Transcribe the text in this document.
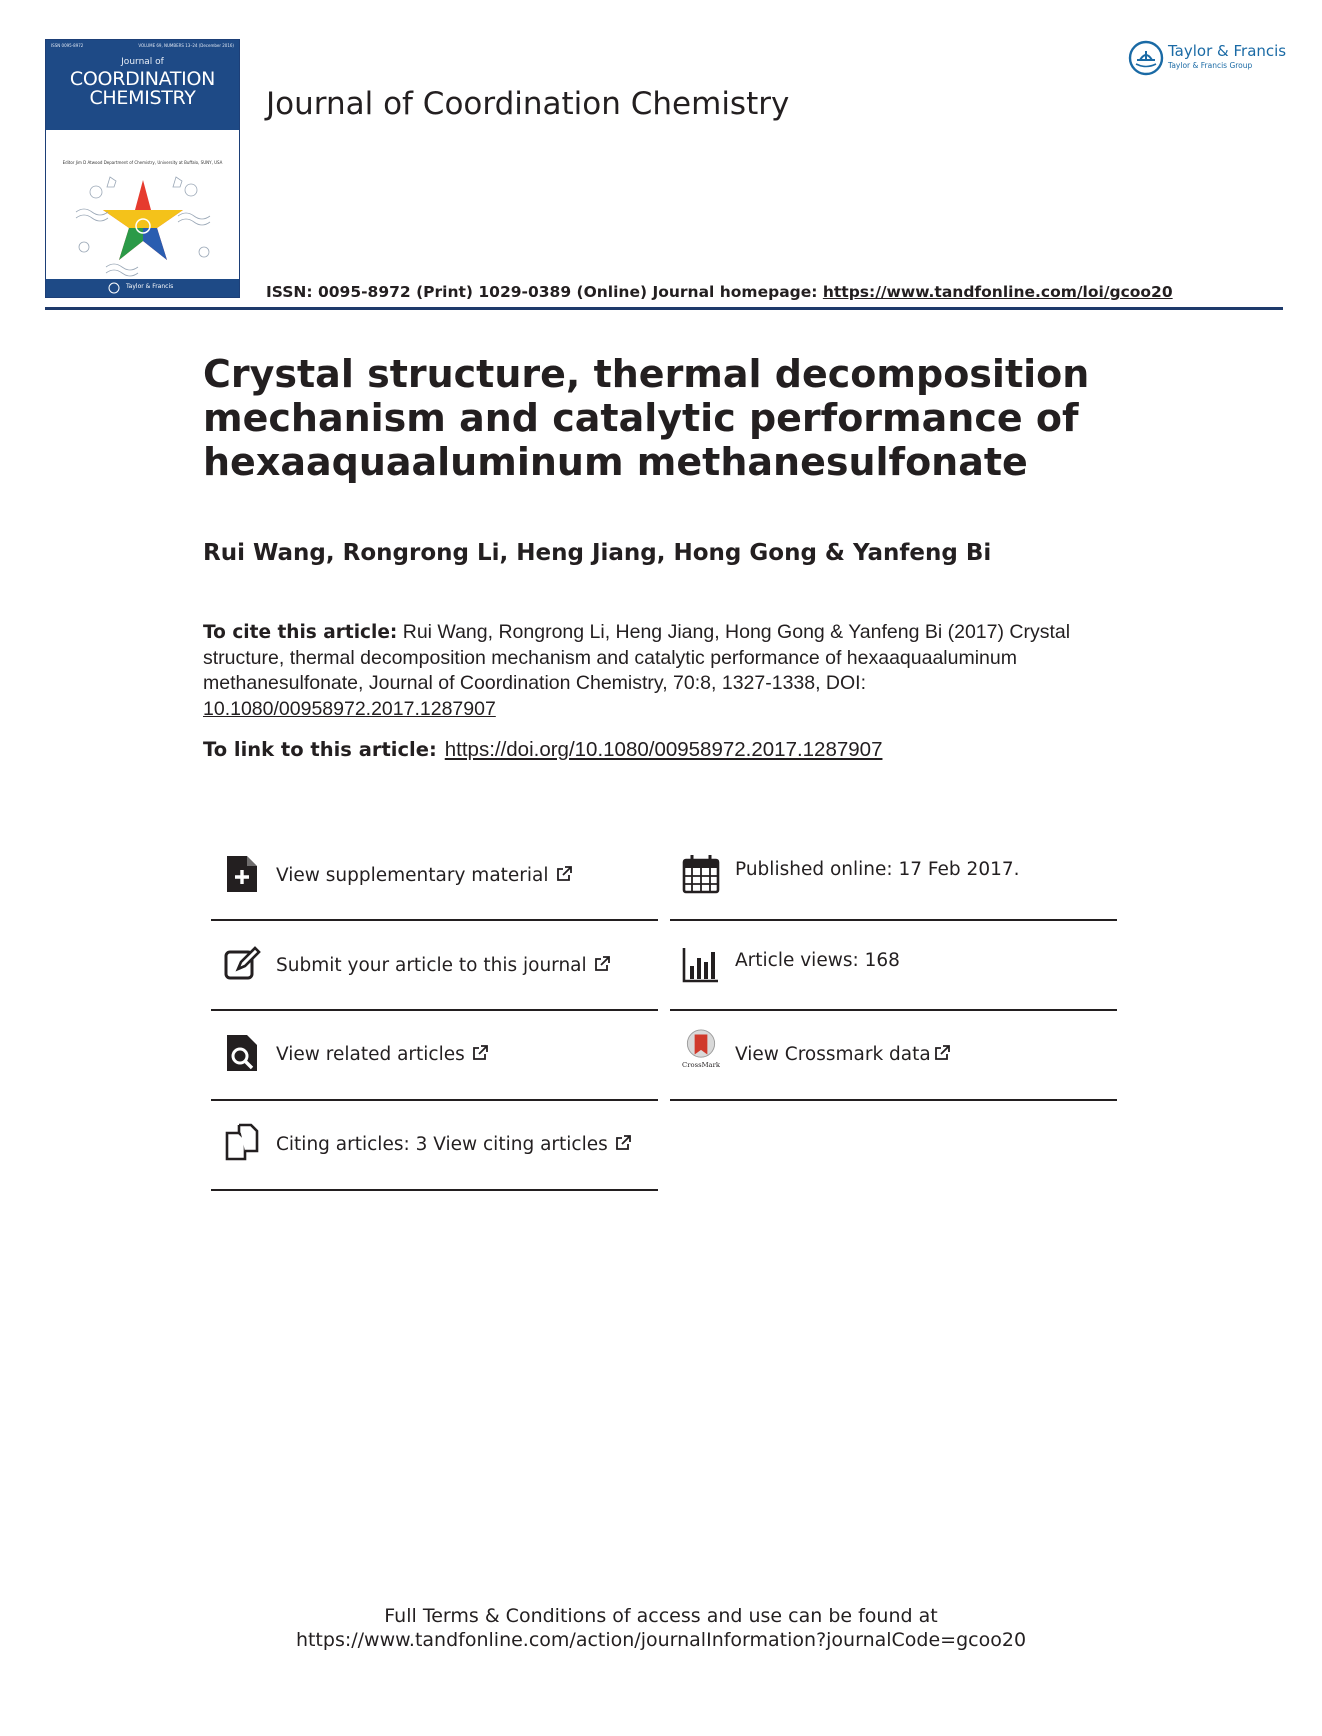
ISSN 0095-8972	VOLUME 69, NUMBERS 13–24 (December 2016)
Journal of
COORDINATION
CHEMISTRY
Editor Jim D Atwood Department of Chemistry, University at Buffalo, SUNY, USA
Taylor & Francis
Journal of Coordination Chemistry
Taylor & Francis
Taylor & Francis Group
ISSN: 0095-8972 (Print) 1029-0389 (Online) Journal homepage: https://www.tandfonline.com/loi/gcoo20
Crystal structure, thermal decomposition mechanism and catalytic performance of hexaaquaaluminum methanesulfonate
Rui Wang, Rongrong Li, Heng Jiang, Hong Gong & Yanfeng Bi
To cite this article: Rui Wang, Rongrong Li, Heng Jiang, Hong Gong & Yanfeng Bi (2017) Crystal structure, thermal decomposition mechanism and catalytic performance of hexaaquaaluminum methanesulfonate, Journal of Coordination Chemistry, 70:8, 1327-1338, DOI: 10.1080/00958972.2017.1287907
To link to this article: https://doi.org/10.1080/00958972.2017.1287907
View supplementary material
Submit your article to this journal
View related articles
Citing articles: 3 View citing articles
Published online: 17 Feb 2017.
Article views: 168
CrossMark
View Crossmark data
Full Terms & Conditions of access and use can be found at
https://www.tandfonline.com/action/journalInformation?journalCode=gcoo20
